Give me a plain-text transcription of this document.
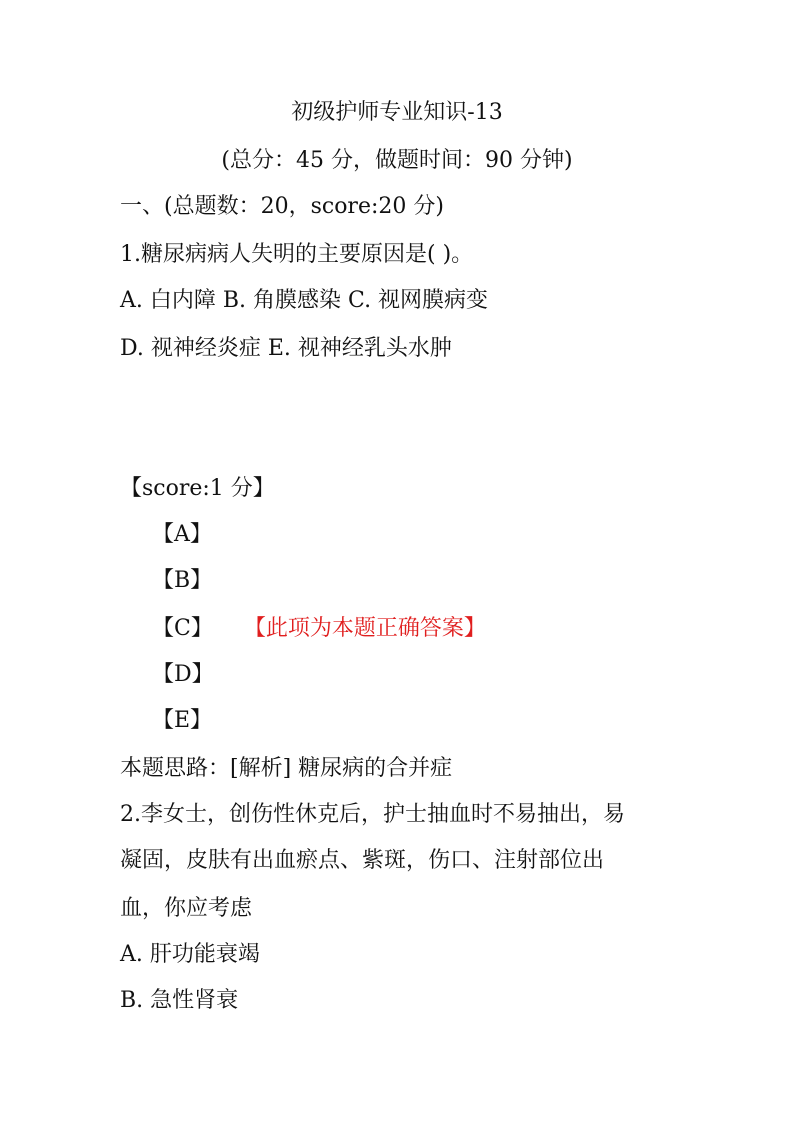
初级护师专业知识-13
(总分：45 分，做题时间：90 分钟)
一、(总题数：20，score:20 分)
1.糖尿病病人失明的主要原因是( )。
A. 白内障 B. 角膜感染 C. 视网膜病变
D. 视神经炎症 E. 视神经乳头水肿
【score:1 分】
【A】
【B】
【C】 【此项为本题正确答案】
【D】
【E】
本题思路：[解析] 糖尿病的合并症
2.李女士，创伤性休克后，护士抽血时不易抽出，易
凝固，皮肤有出血瘀点、紫斑，伤口、注射部位出
血，你应考虑
A. 肝功能衰竭
B. 急性肾衰
